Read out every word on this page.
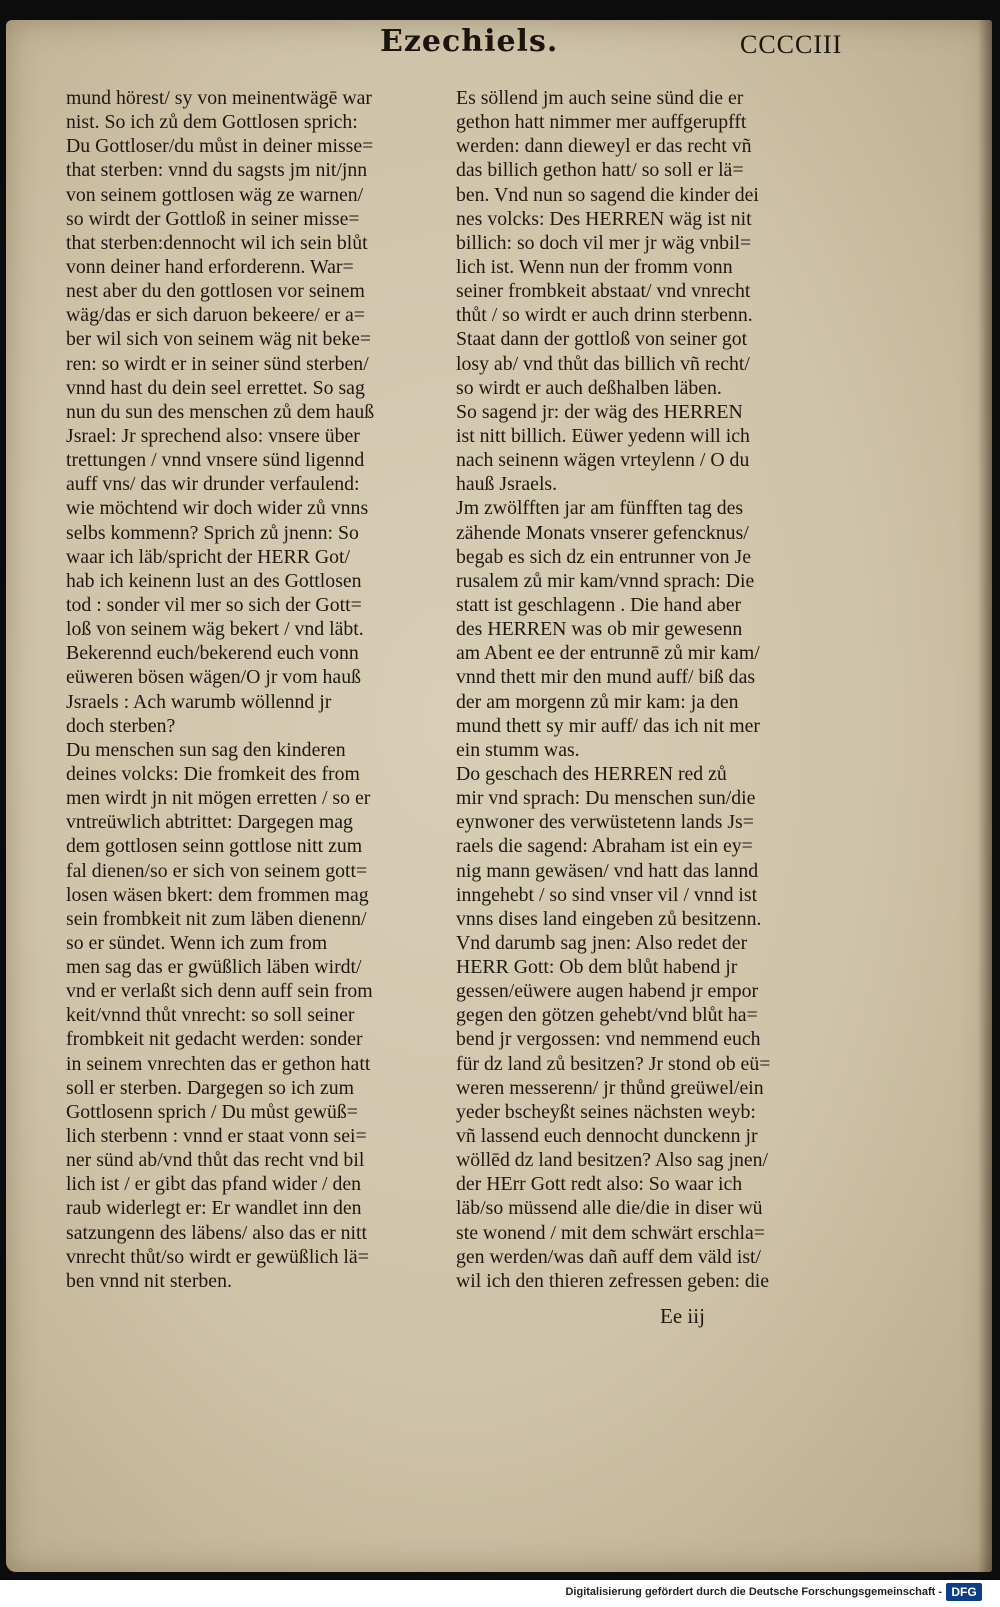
Ezechiels.	CCCCIII
mund hörest/ sy von meinentwägē war
nist. So ich zů dem Gottlosen sprich:
Du Gottloser/du můst in deiner misse=
that sterben: vnnd du sagsts jm nit/jnn
von seinem gottlosen wäg ze warnen/
so wirdt der Gottloß in seiner misse=
that sterben:dennocht wil ich sein blůt
vonn deiner hand erforderenn. War=
nest aber du den gottlosen vor seinem
wäg/das er sich daruon bekeere/ er a=
ber wil sich von seinem wäg nit beke=
ren: so wirdt er in seiner sünd sterben/
vnnd hast du dein seel errettet. So sag
nun du sun des menschen zů dem hauß
Jsrael: Jr sprechend also: vnsere über
trettungen / vnnd vnsere sünd ligennd
auff vns/ das wir drunder verfaulend:
wie möchtend wir doch wider zů vnns
selbs kommenn? Sprich zů jnenn: So
waar ich läb/spricht der HERR Got/
hab ich keinenn lust an des Gottlosen
tod : sonder vil mer so sich der Gott=
loß von seinem wäg bekert / vnd läbt.
Bekerennd euch/bekerend euch vonn
eüweren bösen wägen/O jr vom hauß
Jsraels : Ach warumb wöllennd jr
doch sterben?
Du menschen sun sag den kinderen
deines volcks: Die fromkeit des from
men wirdt jn nit mögen erretten / so er
vntreüwlich abtrittet: Dargegen mag
dem gottlosen seinn gottlose nitt zum
fal dienen/so er sich von seinem gott=
losen wäsen bkert: dem frommen mag
sein frombkeit nit zum läben dienenn/
so er sündet. Wenn ich zum from
men sag das er gwüßlich läben wirdt/
vnd er verlaßt sich denn auff sein from
keit/vnnd thůt vnrecht: so soll seiner
frombkeit nit gedacht werden: sonder
in seinem vnrechten das er gethon hatt
soll er sterben. Dargegen so ich zum
Gottlosenn sprich / Du můst gewüß=
lich sterbenn : vnnd er staat vonn sei=
ner sünd ab/vnd thůt das recht vnd bil
lich ist / er gibt das pfand wider / den
raub widerlegt er: Er wandlet inn den
satzungenn des läbens/ also das er nitt
vnrecht thůt/so wirdt er gewüßlich lä=
ben vnnd nit sterben.
Es söllend jm auch seine sünd die er
gethon hatt nimmer mer auffgerupfft
werden: dann dieweyl er das recht vñ
das billich gethon hatt/ so soll er lä=
ben. Vnd nun so sagend die kinder dei
nes volcks: Des HERREN wäg ist nit
billich: so doch vil mer jr wäg vnbil=
lich ist. Wenn nun der fromm vonn
seiner frombkeit abstaat/ vnd vnrecht
thůt / so wirdt er auch drinn sterbenn.
Staat dann der gottloß von seiner got
losy ab/ vnd thůt das billich vñ recht/
so wirdt er auch deßhalben läben.
So sagend jr: der wäg des HERREN
ist nitt billich. Eüwer yedenn will ich
nach seinenn wägen vrteylenn / O du
hauß Jsraels.
Jm zwölfften jar am fünfften tag des
zähende Monats vnserer gefencknus/
begab es sich dz ein entrunner von Je
rusalem zů mir kam/vnnd sprach: Die
statt ist geschlagenn . Die hand aber
des HERREN was ob mir gewesenn
am Abent ee der entrunnē zů mir kam/
vnnd thett mir den mund auff/ biß das
der am morgenn zů mir kam: ja den
mund thett sy mir auff/ das ich nit mer
ein stumm was.
Do geschach des HERREN red zů
mir vnd sprach: Du menschen sun/die
eynwoner des verwüstetenn lands Js=
raels die sagend: Abraham ist ein ey=
nig mann gewäsen/ vnd hatt das lannd
inngehebt / so sind vnser vil / vnnd ist
vnns dises land eingeben zů besitzenn.
Vnd darumb sag jnen: Also redet der
HERR Gott: Ob dem blůt habend jr
gessen/eüwere augen habend jr empor
gegen den götzen gehebt/vnd blůt ha=
bend jr vergossen: vnd nemmend euch
für dz land zů besitzen? Jr stond ob eü=
weren messerenn/ jr thůnd greüwel/ein
yeder bscheyßt seines nächsten weyb:
vñ lassend euch dennocht dunckenn jr
wöllēd dz land besitzen? Also sag jnen/
der HErr Gott redt also: So waar ich
läb/so müssend alle die/die in diser wü
ste wonend / mit dem schwärt erschla=
gen werden/was dañ auff dem väld ist/
wil ich den thieren zefressen geben: die
Ee iij
Digitalisierung gefördert durch die Deutsche Forschungsgemeinschaft - DFG
